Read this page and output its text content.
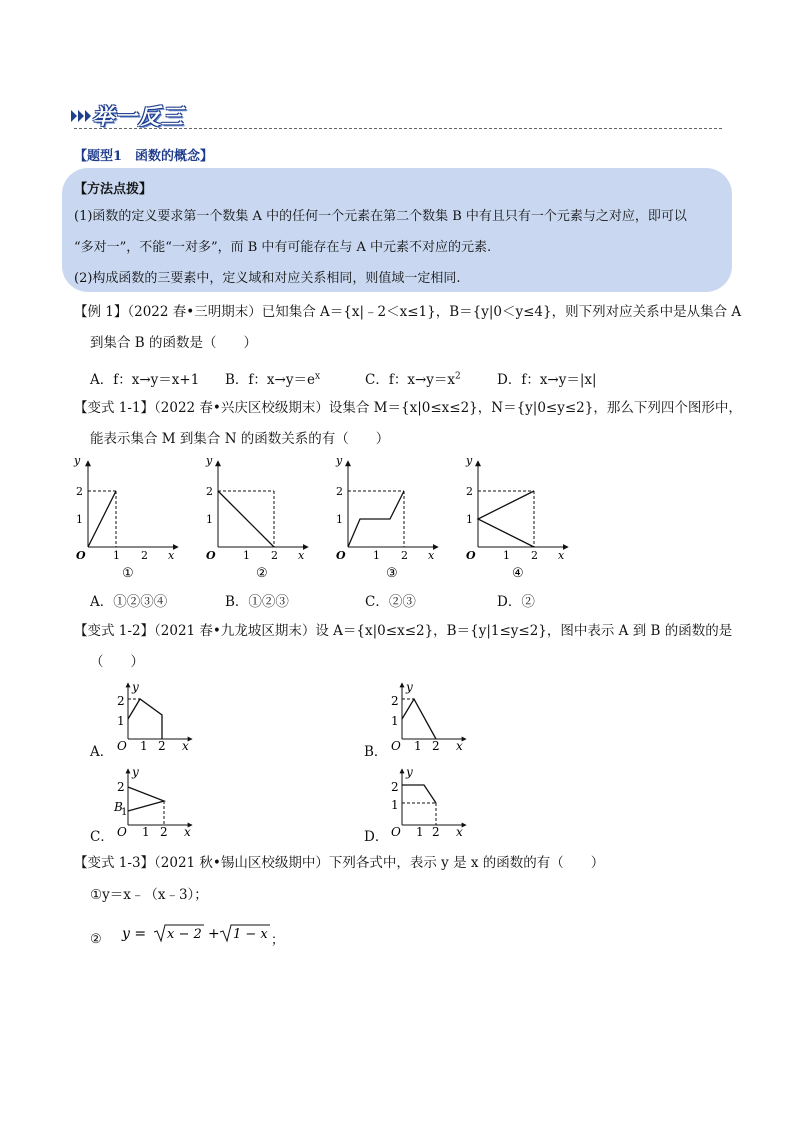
举一反三
【题型1　函数的概念】
【方法点拨】
(1)函数的定义要求第一个数集 A 中的任何一个元素在第二个数集 B 中有且只有一个元素与之对应，即可以
“多对一”，不能“一对多”，而 B 中有可能存在与 A 中元素不对应的元素.
(2)构成函数的三要素中，定义域和对应关系相同，则值域一定相同.
【例 1】（2022 春•三明期末）已知集合 A＝{x|﹣2＜x≤1}，B＝{y|0＜y≤4}，则下列对应关系中是从集合 A
到集合 B 的函数是（　　）
A．f：x→y＝x+1 B．f：$x\to y=e^x$	C．f：$x\to y=x^2$	D．f：x→y＝|x|
【变式 1-1】（2022 春•兴庆区校级期末）设集合 M＝{x|0≤x≤2}，N＝{y|0≤y≤2}，那么下列四个图形中，
能表示集合 M 到集合 N 的函数关系的有（　　）
y
2
1
O 1 2 x
①
y
2
1
O 1 2 x
②
y
2
1
O 1 2 x
③
y
2
1
O 1 2 x
④
A．①②③④	B．①②③	C．②③	D．②
【变式 1-2】（2021 春•九龙坡区期末）设 A＝{x|0≤x≤2}，B＝{y|1≤y≤2}，图中表示 A 到 B 的函数的是
（　　）
A．	B．
C．	D．
y
2
1
O 1 2 x
y
2
1
O 1 2 x
y
2
B
1
O 1 2 x
y
2
1
O 1 2 x
【变式 1-3】（2021 秋•锡山区校级期中）下列各式中，表示 y 是 x 的函数的有（　　）
①y＝x﹣（x﹣3）；
② y = x − 2 + 1 − x ；
